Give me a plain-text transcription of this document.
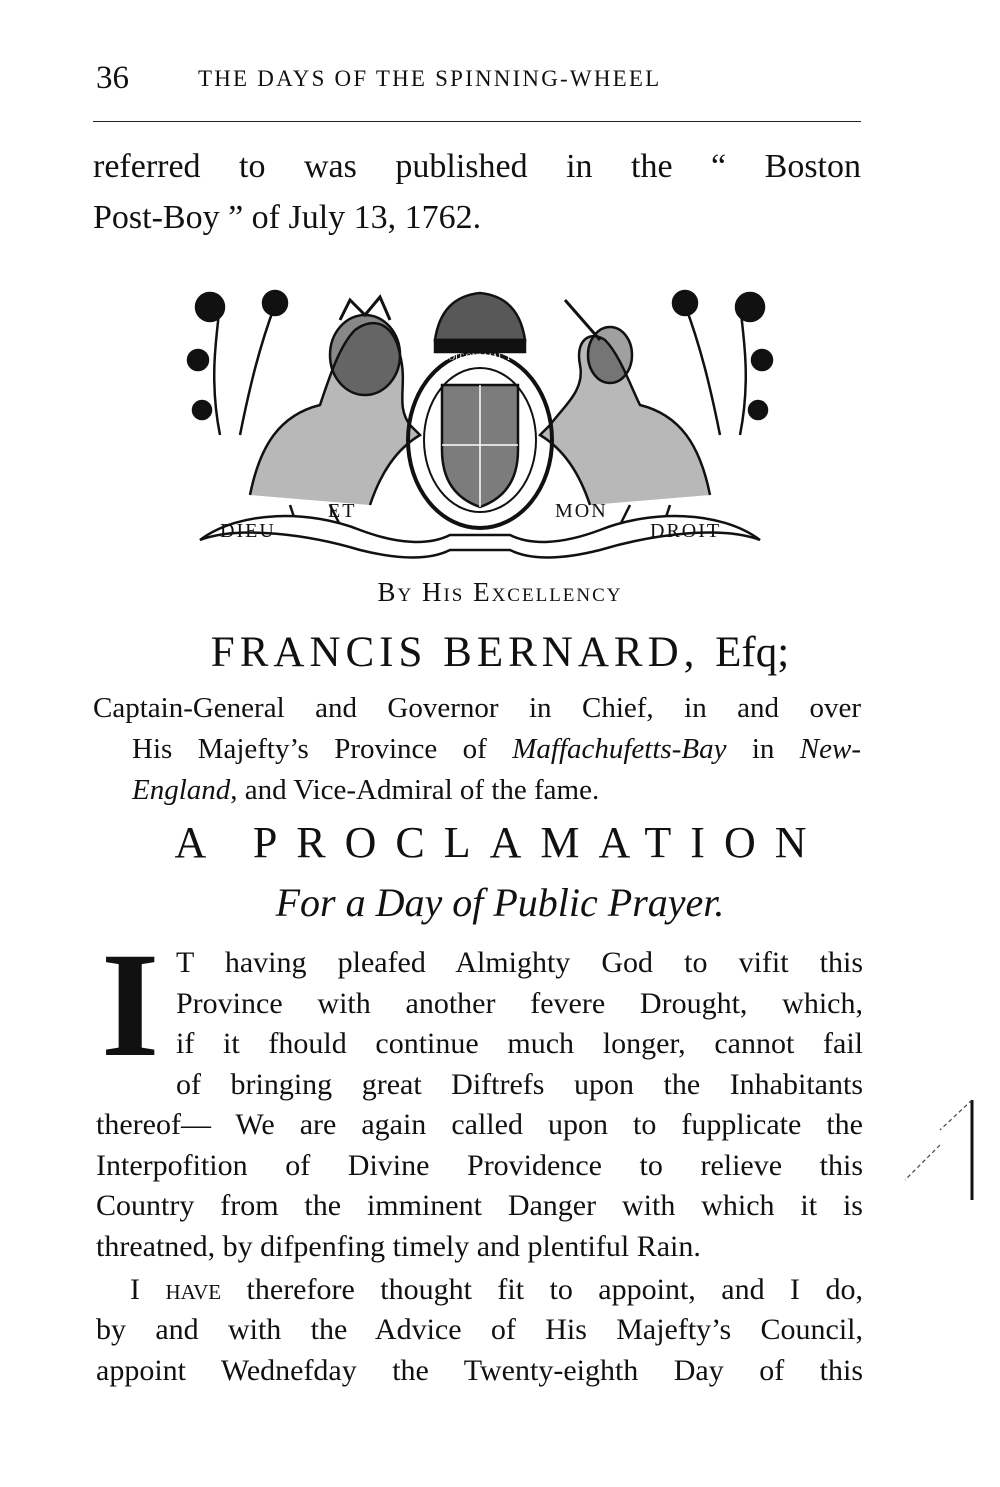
36	THE DAYS OF THE SPINNING-WHEEL
referred to was published in the “ Boston
Post-Boy ” of July 13, 1762.
DIEU
ET	MON
DROIT
HONI SOIT QUI MAL Y PENSE
By His Excellency
FRANCIS BERNARD, Efq;
Captain-General and Governor in Chief, in and over
His Majefty’s Province of Maffachufetts-Bay in New-
England, and Vice-Admiral of the fame.
A PROCLAMATION
For a Day of Public Prayer.
I T having pleafed Almighty God to vifit this
Province with another fevere Drought, which,
if it fhould continue much longer, cannot fail
of bringing great Diftrefs upon the Inhabitants
thereof— We are again called upon to fupplicate the
Interpofition of Divine Providence to relieve this
Country from the imminent Danger with which it is
threatned, by difpenfing timely and plentiful Rain.
I have therefore thought fit to appoint, and I do,
by and with the Advice of His Majefty’s Council,
appoint Wednefday the Twenty-eighth Day of this
